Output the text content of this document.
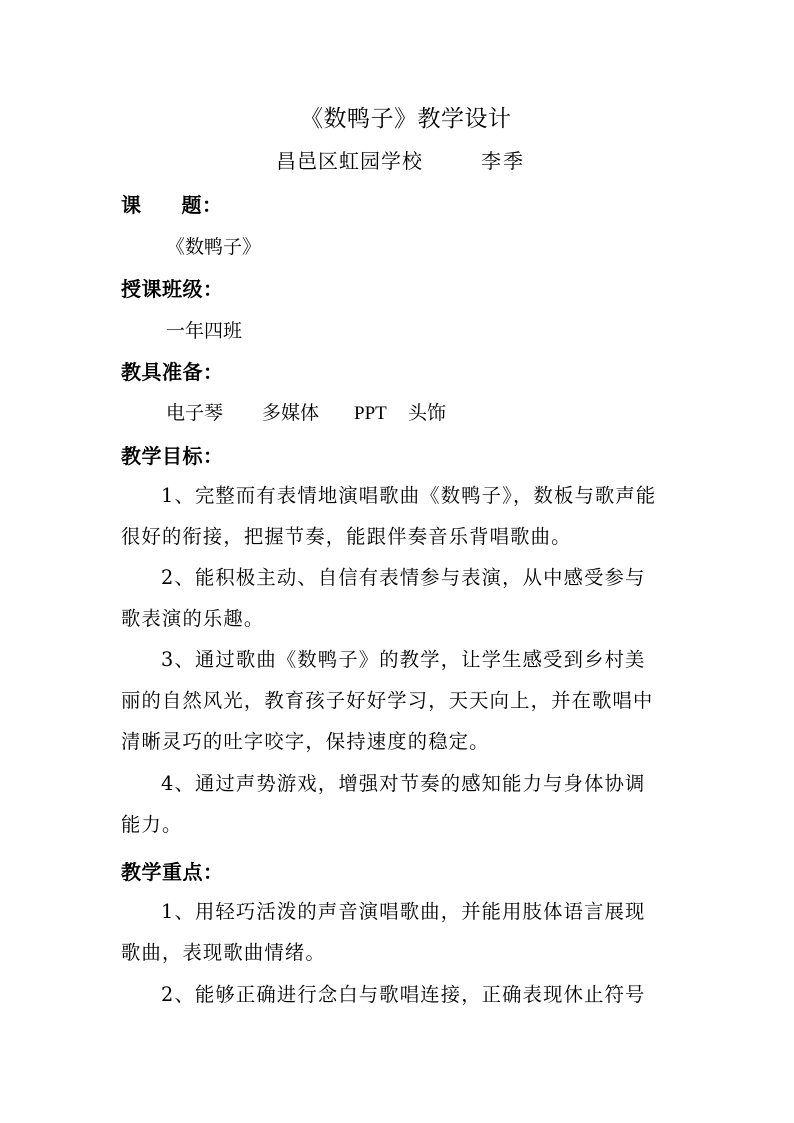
《数鸭子》教学设计
昌邑区虹园学校	李季
课 题：
《数鸭子》
授课班级：
一年四班
教具准备：
电子琴 多媒体 PPT 头饰
教学目标：

1、完整而有表情地演唱歌曲《数鸭子》，数板与歌声能很好的衔接，把握节奏，能跟伴奏音乐背唱歌曲。

2、能积极主动、自信有表情参与表演，从中感受参与歌表演的乐趣。

3、通过歌曲《数鸭子》的教学，让学生感受到乡村美丽的自然风光，教育孩子好好学习，天天向上，并在歌唱中清晰灵巧的吐字咬字，保持速度的稳定。

4、通过声势游戏，增强对节奏的感知能力与身体协调能力。

教学重点：

1、用轻巧活泼的声音演唱歌曲，并能用肢体语言展现歌曲，表现歌曲情绪。

2、能够正确进行念白与歌唱连接，正确表现休止符号
